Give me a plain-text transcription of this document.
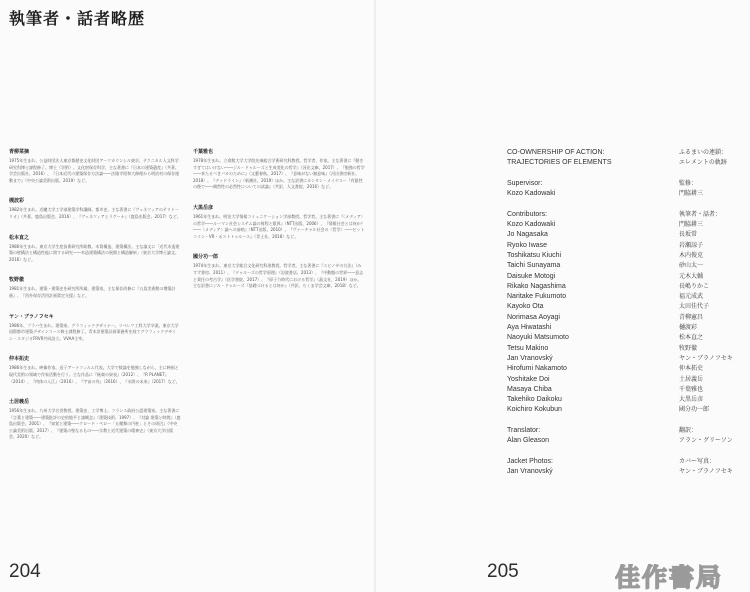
執筆者・話者略歴
青柳菜摘
1975年生まれ。公益財団法人東京都歴史文化財団アーツカウンシル東京、テクニカル人文科学研究科博士課程修了。博士（学術）。文化財保存科学、主な著書に『日本の建築遺産』（共著、学芸出版社、2016）、『日本近代の建築保存方法論――法隆寺昭和大修理から明治村の保存運動まで』（中央公論美術出版、2019）など。
槻波彩
1982年生まれ。近畿大学工学部建築学科講師。都市史。主な著書に『ヴェネツィアのテリトーリオ』（共著、鹿島出版会、2016）、『ヴェネツィアとラグーナ』（鹿島出版会、2017）など。
松本直之
1986年生まれ。東京大学生産技術研究所助教。木質構造、建築構法。主な論文に「近代木造建築の壁構法と構造性能に関する研究――木造建築構法の展開と構造解析」（東京大学博士論文、2016）など。
牧野徹
1981年生まれ。建築・建築史を研究所所属。建築家。主な保存改修に『五島美術館の増築計画』、『西外保存活用計画策定支援』など。
ヤン・ブラノフセキ
1986年、プラハ生まれ。建築家、グラフィックデザイナー。リベレツ工科大学卒業。東京大学国際都市建築デザインコース修士課程修了。青木淳建築計画事務所を経てグラフィックデザイン・スタジオFRVR共同設立。VVAA主宰。
仲本拓史
1986年生まれ。映像作家。逗子アートフィルム代表。大学で数論を勉強しながら、主に映画と現代美術の領域で作家活動を行う。主な作品に『極楽の果表』（2012）、『R PLANET』（2014）、『肉体の入江』（2016）、『宇宙の舟』（2016）、『水際の未来』（2017）など。
土居義岳
1956年生まれ。九州大学名誉教授。建築史、工学博士。フランス政府公認建築家。主な著書に『言葉と建築――建築批評の史的地平と諸概念』（建築技術、1997）、『対論 建築と時間』（鹿島出版会、2001）、『知覚と建築――クロード・ペロー「五種類の円柱」とその周辺』（中央公論美術出版、2017）、『建築の聖なるもの――宗教と近代建築の精神史』（東京大学出版会、2020）など。
千葉雅也
1978年生まれ。立命館大学大学院先端総合学術研究科教授。哲学者、作家。主な著書に『動きすぎてはいけない――ジル・ドゥルーズと生成変化の哲学』（河出文庫、2017）、『勉強の哲学――来たるべきバカのために』（文藝春秋、2017）、『意味がない無意味』（河出書房新社、2018）、『デッドライン』（新潮社、2019）ほか。主な訳書にカンタン・メイヤスー『有限性の後で――偶然性の必然性についての試論』（共訳、人文書院、2016）など。
大黒岳彦
1961年生まれ。明治大学情報コミュニケーション学部教授。哲学者。主な著書に『〈メディア〉の哲学――ルーマン社会システム論の射程と限界』（NTT出版、2006）、『情報社会とは何か？――〈メディア〉論への前哨』（NTT出版、2010）、『ヴァーチャル社会の〈哲学〉――ビットコイン・VR・ポストトゥルース』（青土社、2018）など。
國分功一郎
1974年生まれ。東京大学総合文化研究科准教授。哲学者。主な著書に『スピノザの方法』（みすず書房、2011）、『ドゥルーズの哲学原理』（岩波書店、2013）、『中動態の世界――意志と責任の考古学』（医学書院、2017）、『原子力時代における哲学』（晶文社、2019）ほか。主な訳書にジル・ドゥルーズ『基礎づけるとは何か』（共訳、ちくま学芸文庫、2018）など。
204	205
CO-OWNERSHIP OF ACTION:
TRAJECTORIES OF ELEMENTS
Supervisor:
Kozo Kadowaki
Contributors:
Kozo Kadowaki
Jo Nagasaka
Ryoko Iwase
Toshikatsu Kiuchi
Taichi Sunayama
Daisuke Motogi
Rikako Nagashima
Naritake Fukumoto
Kayoko Ota
Norimasa Aoyagi
Aya Hiwatashi
Naoyuki Matsumoto
Tetsu Makino
Jan Vranovský
Hirofumi Nakamoto
Yoshitake Doi
Masaya Chiba
Takehiko Daikoku
Koichiro Kokubun
Translator:
Alan Gleason
Jacket Photos:
Jan Vranovský
ふるまいの連鎖：
エレメントの軌跡
監修：
門脇耕三
執筆者・話者：
門脇耕三
長坂常
岩瀬諒子
木内俊克
砂山太一
元木大輔
長嶋りかこ
福元成武
太田佳代子
青柳憲昌
樋渡彩
松本直之
牧野徹
ヤン・ブラノフセキ
仲本拓史
土居義岳
千葉雅也
大黒岳彦
國分功一郎
翻訳：
アラン・グリーソン
カバー写真：
ヤン・ブラノフセキ
佳作書局
